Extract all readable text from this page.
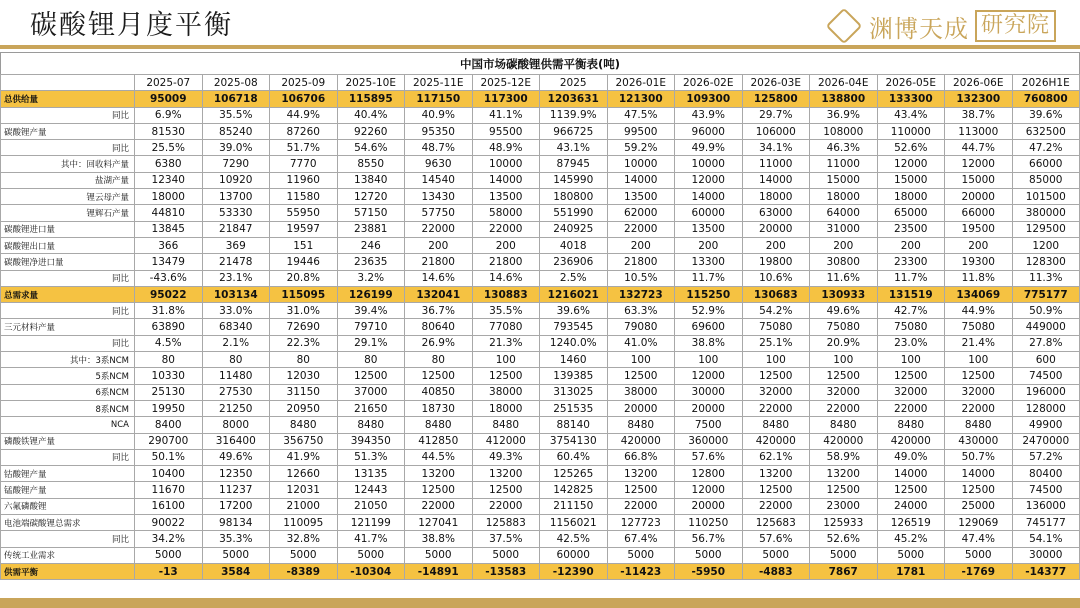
碳酸锂月度平衡	渊博天成 研究院
中国市场碳酸锂供需平衡表(吨)
	2025-07	2025-08	2025-09	2025-10E	2025-11E	2025-12E	2025	2026-01E	2026-02E	2026-03E	2026-04E	2026-05E	2026-06E	2026H1E
总供给量	95009	106718	106706	115895	117150	117300	1203631	121300	109300	125800	138800	133300	132300	760800
同比	6.9%	35.5%	44.9%	40.4%	40.9%	41.1%	1139.9%	47.5%	43.9%	29.7%	36.9%	43.4%	38.7%	39.6%
碳酸锂产量	81530	85240	87260	92260	95350	95500	966725	99500	96000	106000	108000	110000	113000	632500
同比	25.5%	39.0%	51.7%	54.6%	48.7%	48.9%	43.1%	59.2%	49.9%	34.1%	46.3%	52.6%	44.7%	47.2%
其中：回收料产量	6380	7290	7770	8550	9630	10000	87945	10000	10000	11000	11000	12000	12000	66000
盐湖产量	12340	10920	11960	13840	14540	14000	145990	14000	12000	14000	15000	15000	15000	85000
锂云母产量	18000	13700	11580	12720	13430	13500	180800	13500	14000	18000	18000	18000	20000	101500
锂辉石产量	44810	53330	55950	57150	57750	58000	551990	62000	60000	63000	64000	65000	66000	380000
碳酸锂进口量	13845	21847	19597	23881	22000	22000	240925	22000	13500	20000	31000	23500	19500	129500
碳酸锂出口量	366	369	151	246	200	200	4018	200	200	200	200	200	200	1200
碳酸锂净进口量	13479	21478	19446	23635	21800	21800	236906	21800	13300	19800	30800	23300	19300	128300
同比	-43.6%	23.1%	20.8%	3.2%	14.6%	14.6%	2.5%	10.5%	11.7%	10.6%	11.6%	11.7%	11.8%	11.3%
总需求量	95022	103134	115095	126199	132041	130883	1216021	132723	115250	130683	130933	131519	134069	775177
同比	31.8%	33.0%	31.0%	39.4%	36.7%	35.5%	39.6%	63.3%	52.9%	54.2%	49.6%	42.7%	44.9%	50.9%
三元材料产量	63890	68340	72690	79710	80640	77080	793545	79080	69600	75080	75080	75080	75080	449000
同比	4.5%	2.1%	22.3%	29.1%	26.9%	21.3%	1240.0%	41.0%	38.8%	25.1%	20.9%	23.0%	21.4%	27.8%
其中：3系NCM	80	80	80	80	80	100	1460	100	100	100	100	100	100	600
5系NCM	10330	11480	12030	12500	12500	12500	139385	12500	12000	12500	12500	12500	12500	74500
6系NCM	25130	27530	31150	37000	40850	38000	313025	38000	30000	32000	32000	32000	32000	196000
8系NCM	19950	21250	20950	21650	18730	18000	251535	20000	20000	22000	22000	22000	22000	128000
NCA	8400	8000	8480	8480	8480	8480	88140	8480	7500	8480	8480	8480	8480	49900
磷酸铁锂产量	290700	316400	356750	394350	412850	412000	3754130	420000	360000	420000	420000	420000	430000	2470000
同比	50.1%	49.6%	41.9%	51.3%	44.5%	49.3%	60.4%	66.8%	57.6%	62.1%	58.9%	49.0%	50.7%	57.2%
钴酸锂产量	10400	12350	12660	13135	13200	13200	125265	13200	12800	13200	13200	14000	14000	80400
锰酸锂产量	11670	11237	12031	12443	12500	12500	142825	12500	12000	12500	12500	12500	12500	74500
六氟磷酸锂	16100	17200	21000	21050	22000	22000	211150	22000	20000	22000	23000	24000	25000	136000
电池端碳酸锂总需求	90022	98134	110095	121199	127041	125883	1156021	127723	110250	125683	125933	126519	129069	745177
同比	34.2%	35.3%	32.8%	41.7%	38.8%	37.5%	42.5%	67.4%	56.7%	57.6%	52.6%	45.2%	47.4%	54.1%
传统工业需求	5000	5000	5000	5000	5000	5000	60000	5000	5000	5000	5000	5000	5000	30000
供需平衡	-13	3584	-8389	-10304	-14891	-13583	-12390	-11423	-5950	-4883	7867	1781	-1769	-14377
